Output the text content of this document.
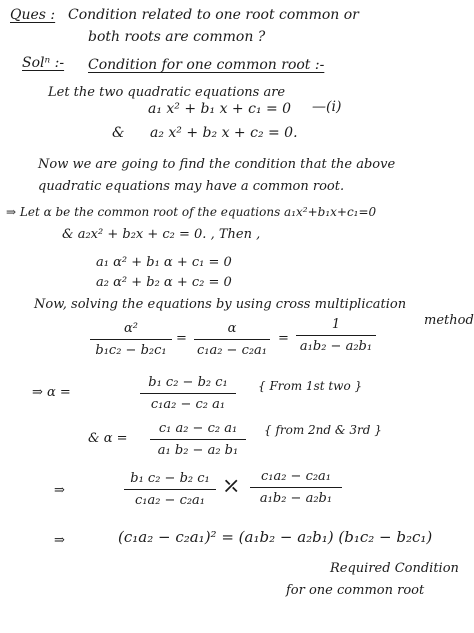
Ques : Condition related to one root common or
both roots are common ?
Solⁿ :- Condition for one common root :-
Let the two quadratic equations are
a₁ x² + b₁ x + c₁ = 0 —(i)
& a₂ x² + b₂ x + c₂ = 0.
Now we are going to find the condition that the above
quadratic equations may have a common root.
⇒ Let α be the common root of the equations a₁x²+b₁x+c₁=0
& a₂x² + b₂x + c₂ = 0. , Then ,
a₁ α² + b₁ α + c₁ = 0
a₂ α² + b₂ α + c₂ = 0
Now, solving the equations by using cross multiplication
method
α²
b₁c₂ − b₂c₁
=
α
c₁a₂ − c₂a₁
=
1
a₁b₂ − a₂b₁
⇒ α =
b₁ c₂ − b₂ c₁
c₁a₂ − c₂ a₁
{ From 1st two }
& α =
c₁ a₂ − c₂ a₁
a₁ b₂ − a₂ b₁
{ from 2nd & 3rd }
⇒
b₁ c₂ − b₂ c₁
c₁a₂ − c₂a₁
⤫	c₁a₂ − c₂a₁
a₁b₂ − a₂b₁
⇒	(c₁a₂ − c₂a₁)² = (a₁b₂ − a₂b₁) (b₁c₂ − b₂c₁)
Required Condition
for one common root
